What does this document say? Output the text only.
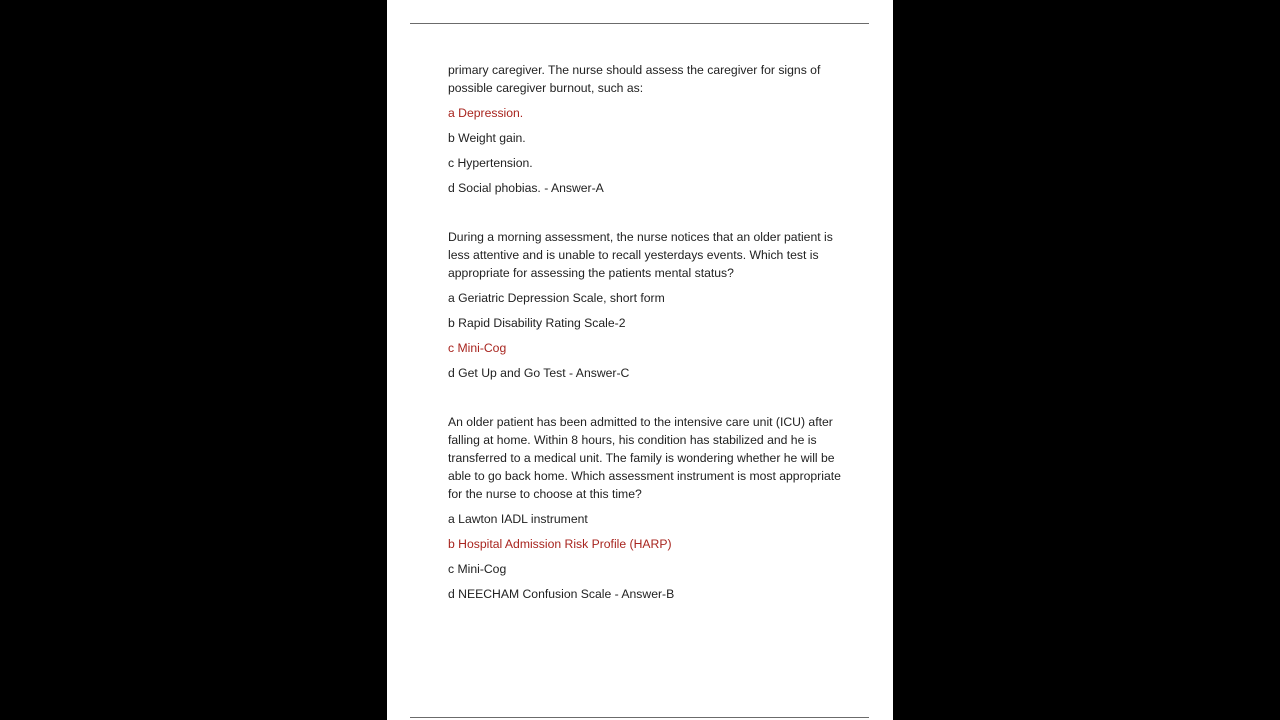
primary caregiver. The nurse should assess the caregiver for signs of possible caregiver burnout, such as:

a Depression.

b Weight gain.

c Hypertension.

d Social phobias. - Answer-A

During a morning assessment, the nurse notices that an older patient is less attentive and is unable to recall yesterdays events. Which test is appropriate for assessing the patients mental status?

a Geriatric Depression Scale, short form

b Rapid Disability Rating Scale-2

c Mini-Cog

d Get Up and Go Test - Answer-C

An older patient has been admitted to the intensive care unit (ICU) after falling at home. Within 8 hours, his condition has stabilized and he is transferred to a medical unit. The family is wondering whether he will be able to go back home. Which assessment instrument is most appropriate for the nurse to choose at this time?

a Lawton IADL instrument

b Hospital Admission Risk Profile (HARP)

c Mini-Cog

d NEECHAM Confusion Scale - Answer-B
